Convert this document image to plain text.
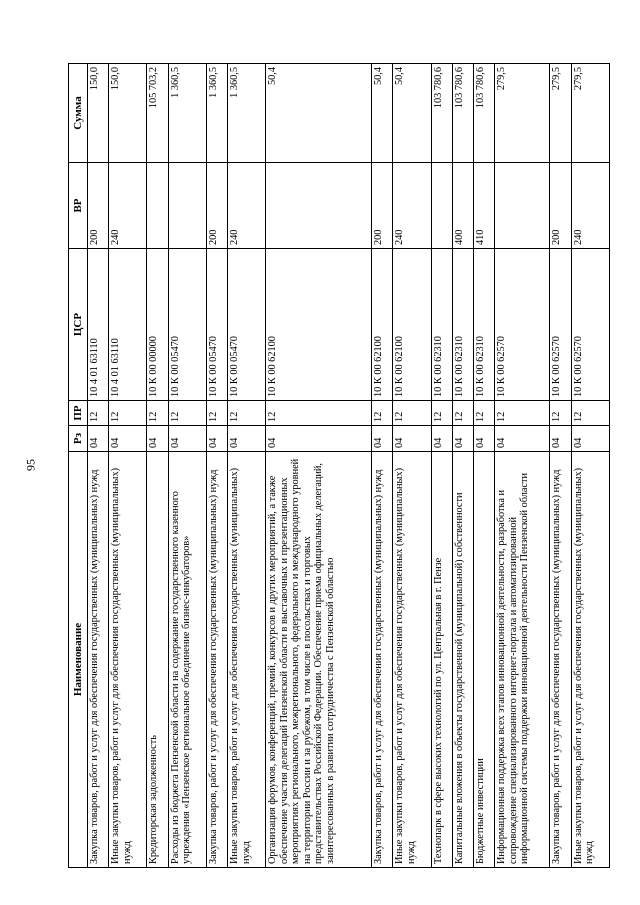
95
Наименование	Рз	ПР	ЦСР	ВР	Сумма
Закупка товаров, работ и услуг для обеспечения государственных (муниципальных) нужд	04	12	10 4 01 63110	200	150,0
Иные закупки товаров, работ и услуг для обеспечения государственных (муниципальных) нужд	04	12	10 4 01 63110	240	150,0
Кредиторская задолженность	04	12	10 К 00 00000		105 703,2
Расходы из бюджета Пензенской области на содержание государственного казенного учреждения «Пензенское региональное объединение бизнес-инкубаторов»	04	12	10 К 00 05470		1 360,5
Закупка товаров, работ и услуг для обеспечения государственных (муниципальных) нужд	04	12	10 К 00 05470	200	1 360,5
Иные закупки товаров, работ и услуг для обеспечения государственных (муниципальных) нужд	04	12	10 К 00 05470	240	1 360,5
Организация форумов, конференций, премий, конкурсов и других мероприятий, а также обеспечение участия делегаций Пензенской области в выставочных и презентационных мероприятиях регионального, межрегионального, федерального и международного уровней на территории России и за рубежом, в том числе в посольствах и торговых представительствах Российской Федерации. Обеспечение приема официальных делегаций, заинтересованных в развитии сотрудничества с Пензенской областью	04	12	10 К 00 62100		50,4
Закупка товаров, работ и услуг для обеспечения государственных (муниципальных) нужд	04	12	10 К 00 62100	200	50,4
Иные закупки товаров, работ и услуг для обеспечения государственных (муниципальных) нужд	04	12	10 К 00 62100	240	50,4
Технопарк в сфере высоких технологий по ул. Центральная в г. Пензе	04	12	10 К 00 62310		103 780,6
Капитальные вложения в объекты государственной (муниципальной) собственности	04	12	10 К 00 62310	400	103 780,6
Бюджетные инвестиции	04	12	10 К 00 62310	410	103 780,6
Информационная поддержка всех этапов инновационной деятельности, разработка и сопровождение специализированного интернет-портала и автоматизированной информационной системы поддержки инновационной деятельности Пензенской области	04	12	10 К 00 62570		279,5
Закупка товаров, работ и услуг для обеспечения государственных (муниципальных) нужд	04	12	10 К 00 62570	200	279,5
Иные закупки товаров, работ и услуг для обеспечения государственных (муниципальных) нужд	04	12	10 К 00 62570	240	279,5
